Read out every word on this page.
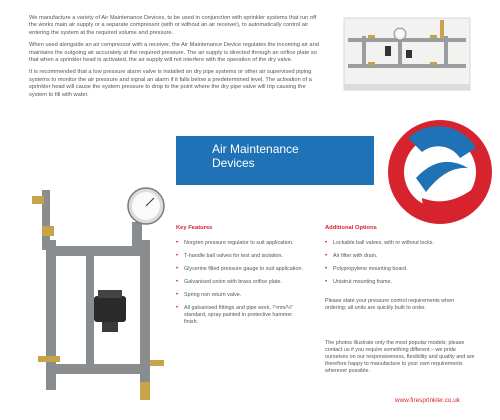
We manufacture a variety of Air Maintenance Devices, to be used in conjunction with sprinkler systems that run off the works main air supply or a separate compressor (with or without an air receiver), to automatically control air entering the system at the required volume and pressure.

When used alongside an air compressor with a receiver, the Air Maintenance Device regulates the incoming air and maintains the outgoing air accurately at the required pressure. The air supply is directed through an orifice plate so that when a sprinkler head is activated, the air supply will not interfere with the operation of the dry valve.

It is recommended that a low pressure alarm valve is installed on dry pipe systems or other air supervised piping systems to monitor the air pressure and signal an alarm if it falls below a predetermined level. The activation of a sprinkler head will cause the system pressure to drop to the point where the dry pipe valve will trip causing the system to fill with water.

Air Maintenance
Devices
Key Features
• Norgren pressure regulator to suit application.
• T-handle ball valves for test and isolation.
• Glycerine filled pressure gauge to suit application.
• Galvanised union with brass orifice plate.
• Spring non return valve.
• All galvanised fittings and pipe work, ¹⁵mm/½″ standard, spray painted in protective hammer finish.
Additional Options
• Lockable ball valves, with or without locks.
• Air filter with drain.
• Polypropylene mounting board.
• Unistrut mounting frame.

Please state your pressure control requirements when ordering; all units are quickly built to order.

The photos illustrate only the most popular models; please contact us if you require something different – we pride ourselves on our responsiveness, flexibility and quality and are therefore happy to manufacture to your own requirements wherever possible.

www.firesprinkler.co.uk
